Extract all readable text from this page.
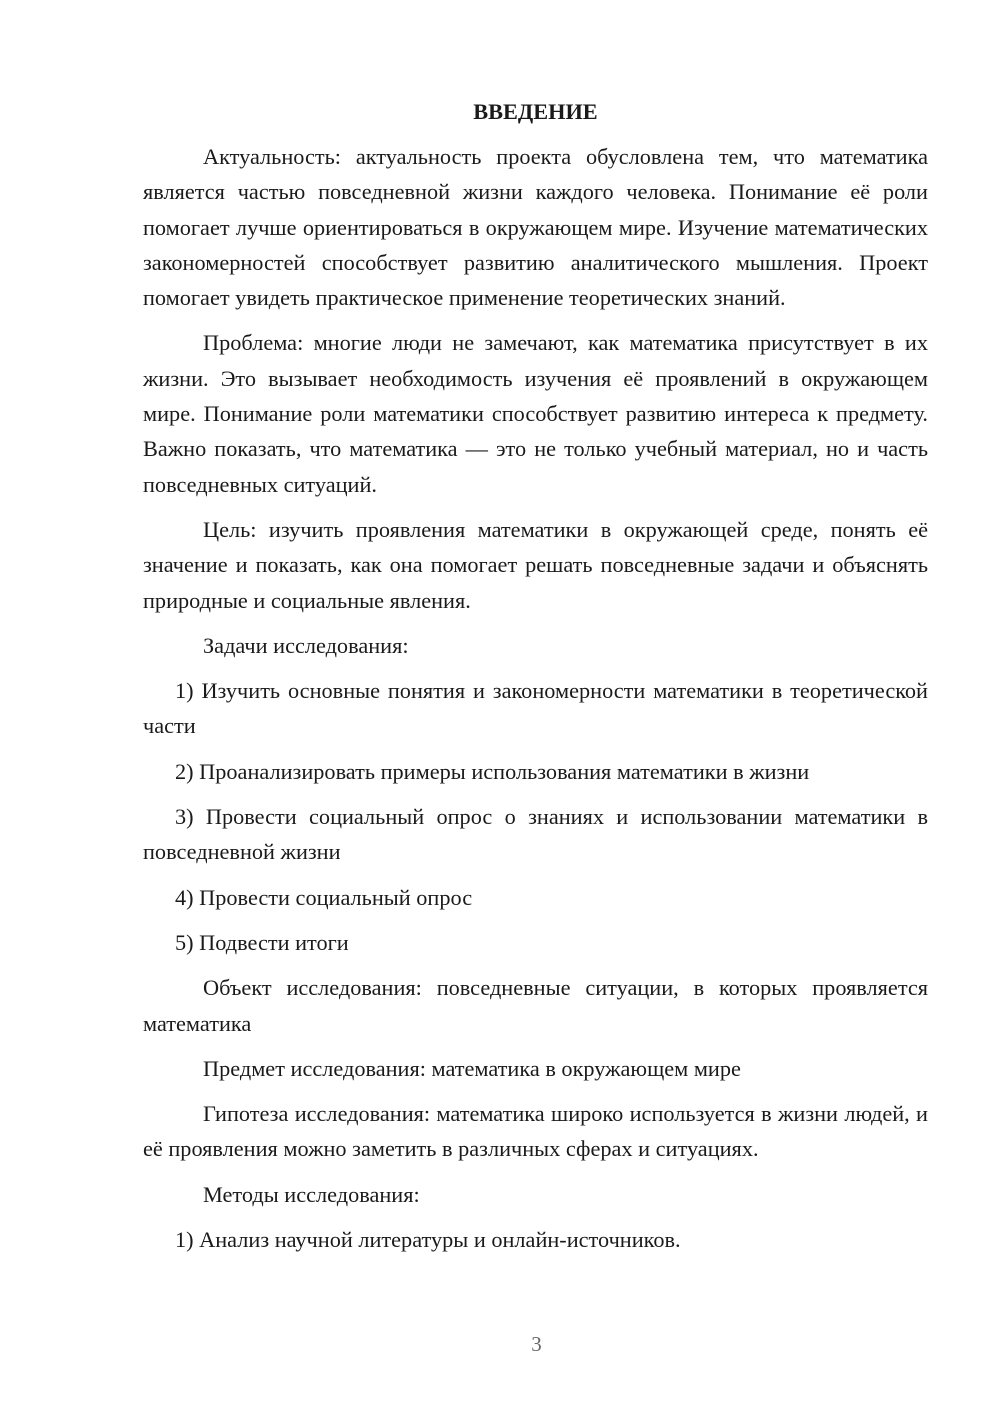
ВВЕДЕНИЕ

Актуальность: актуальность проекта обусловлена тем, что математика является частью повседневной жизни каждого человека. Понимание её роли помогает лучше ориентироваться в окружающем мире. Изучение математических закономерностей способствует развитию аналитического мышления. Проект помогает увидеть практическое применение теоретических знаний.

Проблема: многие люди не замечают, как математика присутствует в их жизни. Это вызывает необходимость изучения её проявлений в окружающем мире. Понимание роли математики способствует развитию интереса к предмету. Важно показать, что математика — это не только учебный материал, но и часть повседневных ситуаций.

Цель: изучить проявления математики в окружающей среде, понять её значение и показать, как она помогает решать повседневные задачи и объяснять природные и социальные явления.

Задачи исследования:

1) Изучить основные понятия и закономерности математики в теоретической части

2) Проанализировать примеры использования математики в жизни

3) Провести социальный опрос о знаниях и использовании математики в повседневной жизни

4) Провести социальный опрос

5) Подвести итоги

Объект исследования: повседневные ситуации, в которых проявляется математика

Предмет исследования: математика в окружающем мире

Гипотеза исследования: математика широко используется в жизни людей, и её проявления можно заметить в различных сферах и ситуациях.

Методы исследования:

1) Анализ научной литературы и онлайн-источников.

3
